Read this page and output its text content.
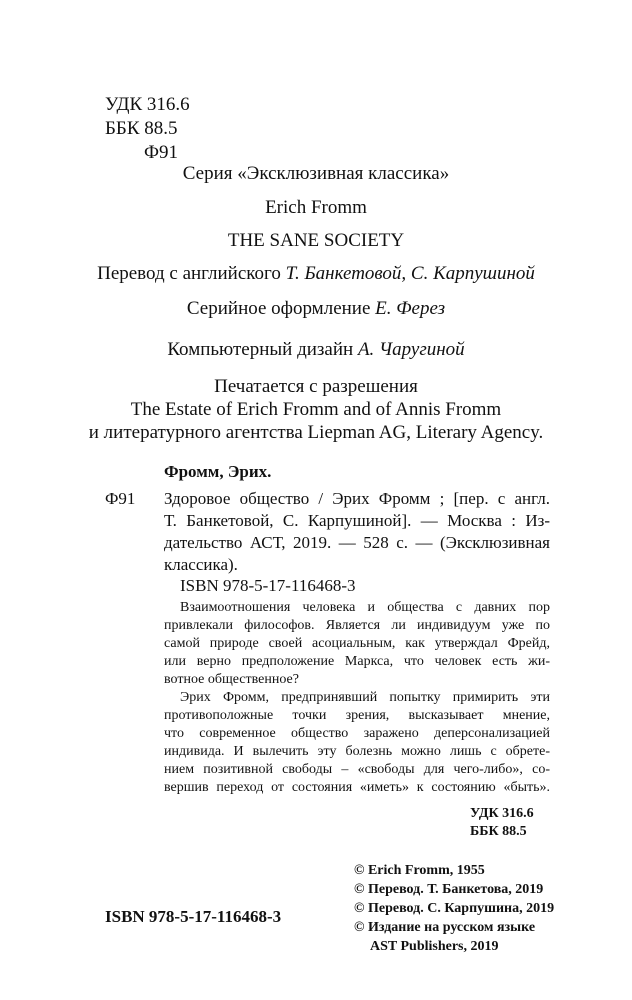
УДК 316.6
ББК 88.5
Ф91
Серия «Эксклюзивная классика»
Erich Fromm
THE SANE SOCIETY
Перевод с английского Т. Банкетовой, С. Карпушиной
Серийное оформление Е. Ферез
Компьютерный дизайн А. Чаругиной
Печатается с разрешения
The Estate of Erich Fromm and of Annis Fromm
и литературного агентства Liepman AG, Literary Agency.
Фромм, Эрих.
Ф91 Здоровое общество / Эрих Фромм ; [пер. с англ.
Т. Банкетовой, С. Карпушиной]. — Москва : Из-
дательство АСТ, 2019. — 528 с. — (Эксклюзивная
классика).
ISBN 978-5-17-116468-3
Взаимоотношения человека и общества с давних пор
привлекали философов. Является ли индивидуум уже по
самой природе своей асоциальным, как утверждал Фрейд,
или верно предположение Маркса, что человек есть жи-
вотное общественное?
Эрих Фромм, предпринявший попытку примирить эти
противоположные точки зрения, высказывает мнение,
что современное общество заражено деперсонализацией
индивида. И вылечить эту болезнь можно лишь с обрете-
нием позитивной свободы – «свободы для чего-либо», со-
вершив переход от состояния «иметь» к состоянию «быть».
УДК 316.6
ББК 88.5
© Erich Fromm, 1955
© Перевод. Т. Банкетова, 2019
© Перевод. С. Карпушина, 2019
© Издание на русском языке
AST Publishers, 2019
ISBN 978-5-17-116468-3
